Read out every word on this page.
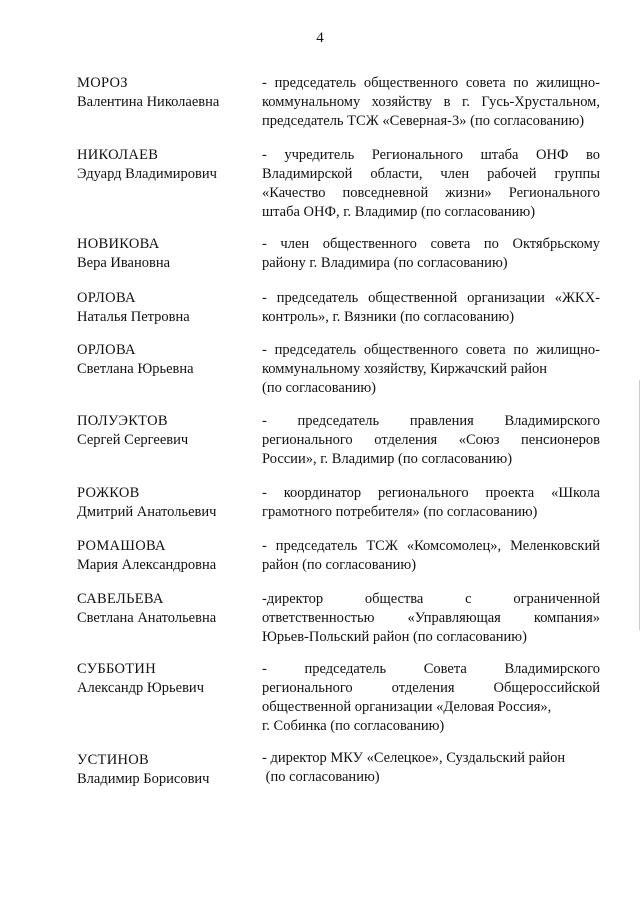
4
МОРОЗ
Валентина Николаевна
- председатель общественного совета по жилищно-
коммунальному хозяйству в г. Гусь-Хрустальном,
председатель ТСЖ «Северная-3» (по согласованию)
НИКОЛАЕВ
Эдуард Владимирович
- учредитель Регионального штаба ОНФ во
Владимирской области, член рабочей группы
«Качество повседневной жизни» Регионального
штаба ОНФ, г. Владимир (по согласованию)
НОВИКОВА
Вера Ивановна
- член общественного совета по Октябрьскому
району г. Владимира (по согласованию)
ОРЛОВА
Наталья Петровна
- председатель общественной организации «ЖКХ-
контроль», г. Вязники (по согласованию)
ОРЛОВА
Светлана Юрьевна
- председатель общественного совета по жилищно-
коммунальному хозяйству, Киржачский район
(по согласованию)
ПОЛУЭКТОВ
Сергей Сергеевич
- председатель правления Владимирского
регионального отделения «Союз пенсионеров
России», г. Владимир (по согласованию)
РОЖКОВ
Дмитрий Анатольевич
- координатор регионального проекта «Школа
грамотного потребителя» (по согласованию)
РОМАШОВА
Мария Александровна
- председатель ТСЖ «Комсомолец», Меленковский
район (по согласованию)
САВЕЛЬЕВА
Светлана Анатольевна
-директор общества с ограниченной
ответственностью «Управляющая компания»
Юрьев-Польский район (по согласованию)
СУББОТИН
Александр Юрьевич
- председатель Совета Владимирского
регионального отделения Общероссийской
общественной организации «Деловая Россия»,
г. Собинка (по согласованию)
УСТИНОВ
Владимир Борисович
- директор МКУ «Селецкое», Суздальский район
(по согласованию)
